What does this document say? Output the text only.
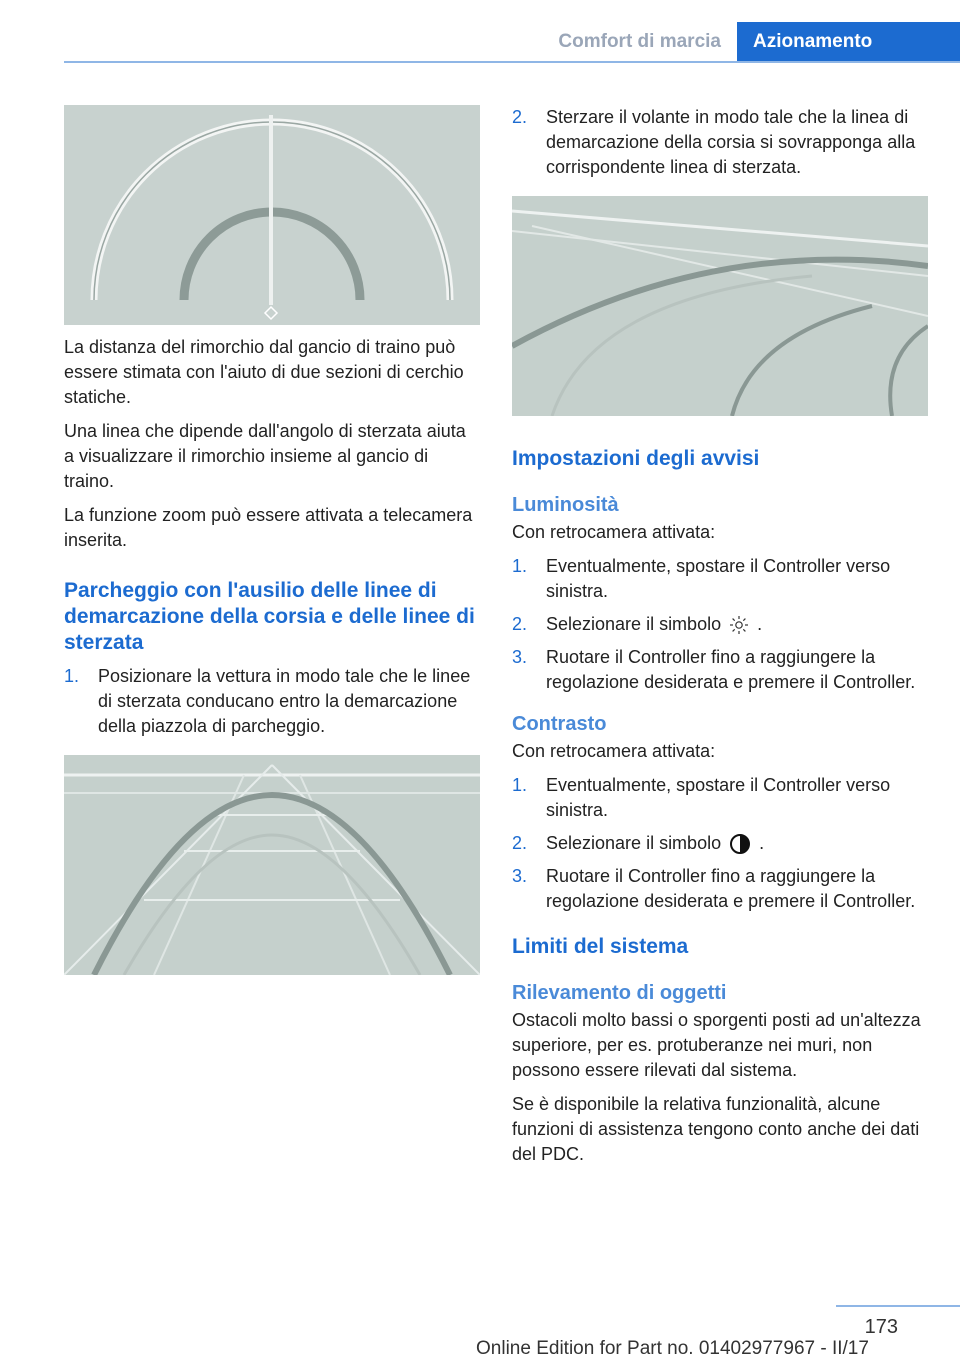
Comfort di marcia	Azionamento

La distanza del rimorchio dal gancio di traino può essere stimata con l'aiuto di due sezioni di cerchio statiche.

Una linea che dipende dall'angolo di sterzata aiuta a visualizzare il rimorchio insieme al gancio di traino.

La funzione zoom può essere attivata a telecamera inserita.

Parcheggio con l'ausilio delle linee di demarcazione della corsia e delle linee di sterzata
1. Posizionare la vettura in modo tale che le linee di sterzata conducano entro la demarcazione della piazzola di parcheggio.
2. Sterzare il volante in modo tale che la linea di demarcazione della corsia si sovrapponga alla corrispondente linea di sterzata.
Impostazioni degli avvisi
Luminosità

Con retrocamera attivata:

1. Eventualmente, spostare il Controller verso sinistra.
2. Selezionare il simbolo .
3. Ruotare il Controller fino a raggiungere la regolazione desiderata e premere il Controller.
Contrasto

Con retrocamera attivata:

1. Eventualmente, spostare il Controller verso sinistra.
2. Selezionare il simbolo .
3. Ruotare il Controller fino a raggiungere la regolazione desiderata e premere il Controller.
Limiti del sistema
Rilevamento di oggetti

Ostacoli molto bassi o sporgenti posti ad un'altezza superiore, per es. protuberanze nei muri, non possono essere rilevati dal sistema.

Se è disponibile la relativa funzionalità, alcune funzioni di assistenza tengono conto anche dei dati del PDC.

173
Online Edition for Part no. 01402977967 - II/17
